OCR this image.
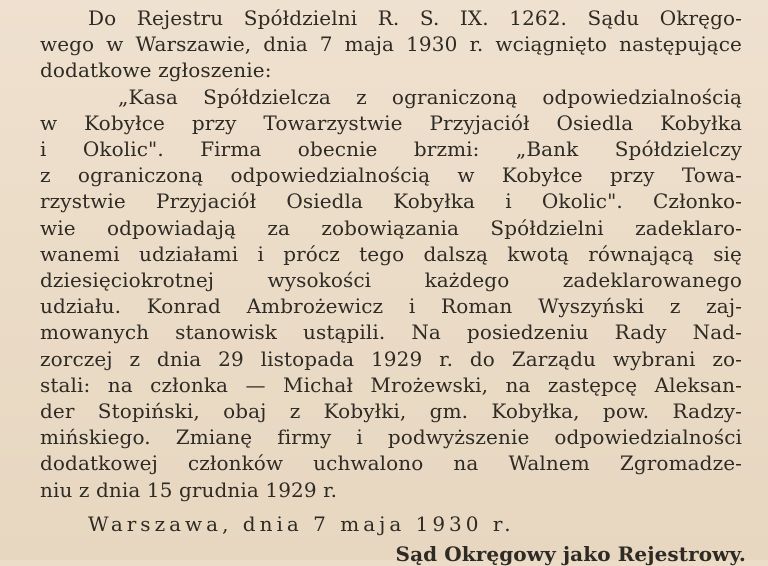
Do Rejestru Spółdzielni R. S. IX. 1262. Sądu Okręgo-
wego w Warszawie, dnia 7 maja 1930 r. wciągnięto następujące
dodatkowe zgłoszenie:
„Kasa Spółdzielcza z ograniczoną odpowiedzialnością
w Kobyłce przy Towarzystwie Przyjaciół Osiedla Kobyłka
i Okolic". Firma obecnie brzmi: „Bank Spółdzielczy
z ograniczoną odpowiedzialnością w Kobyłce przy Towa-
rzystwie Przyjaciół Osiedla Kobyłka i Okolic". Członko-
wie odpowiadają za zobowiązania Spółdzielni zadeklaro-
wanemi udziałami i prócz tego dalszą kwotą równającą się
dziesięciokrotnej wysokości każdego zadeklarowanego
udziału. Konrad Ambrożewicz i Roman Wyszyński z zaj-
mowanych stanowisk ustąpili. Na posiedzeniu Rady Nad-
zorczej z dnia 29 listopada 1929 r. do Zarządu wybrani zo-
stali: na członka — Michał Mrożewski, na zastępcę Aleksan-
der Stopiński, obaj z Kobyłki, gm. Kobyłka, pow. Radzy-
mińskiego. Zmianę firmy i podwyższenie odpowiedzialności
dodatkowej członków uchwalono na Walnem Zgromadze-
niu z dnia 15 grudnia 1929 r.
Warszawa, dnia 7 maja 1930 r.
Sąd Okręgowy jako Rejestrowy.
